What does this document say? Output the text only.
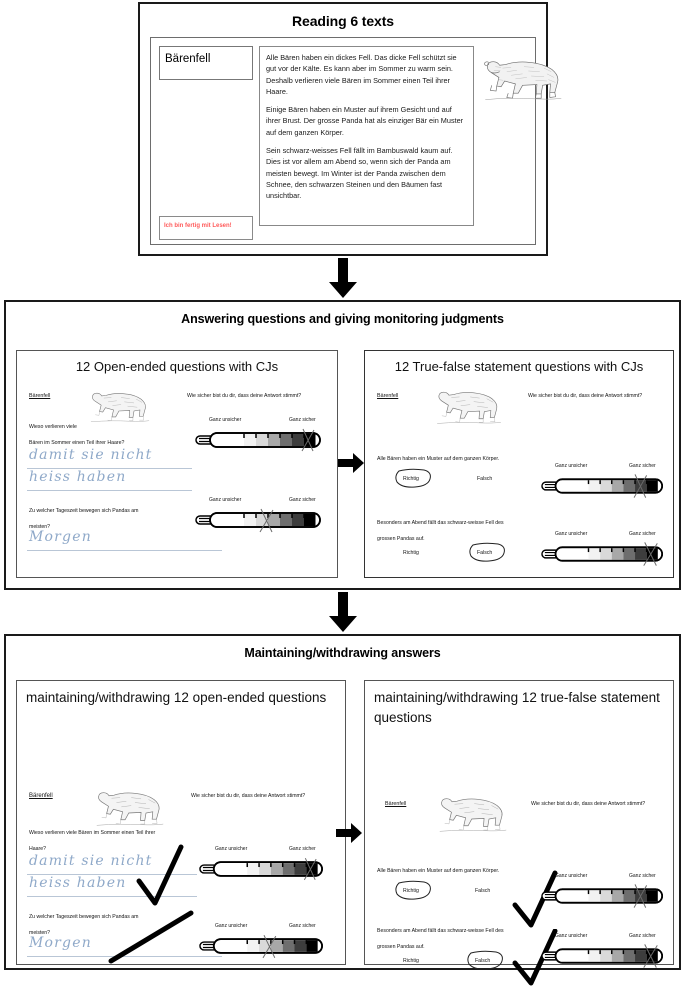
Reading 6 texts
Bärenfell	Alle Bären haben ein dickes Fell. Das dicke Fell schützt sie gut vor der Kälte. Es kann aber im Sommer zu warm sein. Deshalb verlieren viele Bären im Sommer einen Teil ihrer Haare.

Einige Bären haben ein Muster auf ihrem Gesicht und auf ihrer Brust. Der grosse Panda hat als einziger Bär ein Muster auf dem ganzen Körper.

Sein schwarz-weisses Fell fällt im Bambuswald kaum auf. Dies ist vor allem am Abend so, wenn sich der Panda am meisten bewegt. Im Winter ist der Panda zwischen dem Schnee, den schwarzen Steinen und den Bäumen fast unsichtbar.

Ich bin fertig mit Lesen!
Answering questions and giving monitoring judgments
12 Open-ended questions with CJs
Bärenfell	Wie sicher bist du dir, dass deine Antwort stimmt?
Wieso verlieren viele
Bären im Sommer einen Teil ihrer Haare?
damit sie nicht
heiss haben
Ganz unsicher	Ganz sicher
Zu welcher Tageszeit bewegen sich Pandas am
meisten?
Morgen
Ganz unsicher	Ganz sicher
12 True-false statement questions with CJs
Bärenfell	Wie sicher bist du dir, dass deine Antwort stimmt?
Alle Bären haben ein Muster auf dem ganzen Körper.
Richtig	Falsch
Ganz unsicher	Ganz sicher
Besonders am Abend fällt das schwarz-weisse Fell des
grossen Pandas auf.
Richtig	Falsch
Ganz unsicher	Ganz sicher
Maintaining/withdrawing answers
maintaining/withdrawing 12 open-ended questions
Bärenfell	Wie sicher bist du dir, dass deine Antwort stimmt?
Wieso verlieren viele Bären im Sommer einen Teil ihrer
Haare?
damit sie nicht
heiss haben
Ganz unsicher	Ganz sicher
Zu welcher Tageszeit bewegen sich Pandas am
meisten?
Morgen
Ganz unsicher	Ganz sicher
maintaining/withdrawing 12 true-false statement questions
Bärenfell	Wie sicher bist du dir, dass deine Antwort stimmt?
Alle Bären haben ein Muster auf dem ganzen Körper.
Richtig	Falsch
Ganz unsicher	Ganz sicher
Besonders am Abend fällt das schwarz-weisse Fell des
grossen Pandas auf.
Richtig	Falsch
Ganz unsicher	Ganz sicher
